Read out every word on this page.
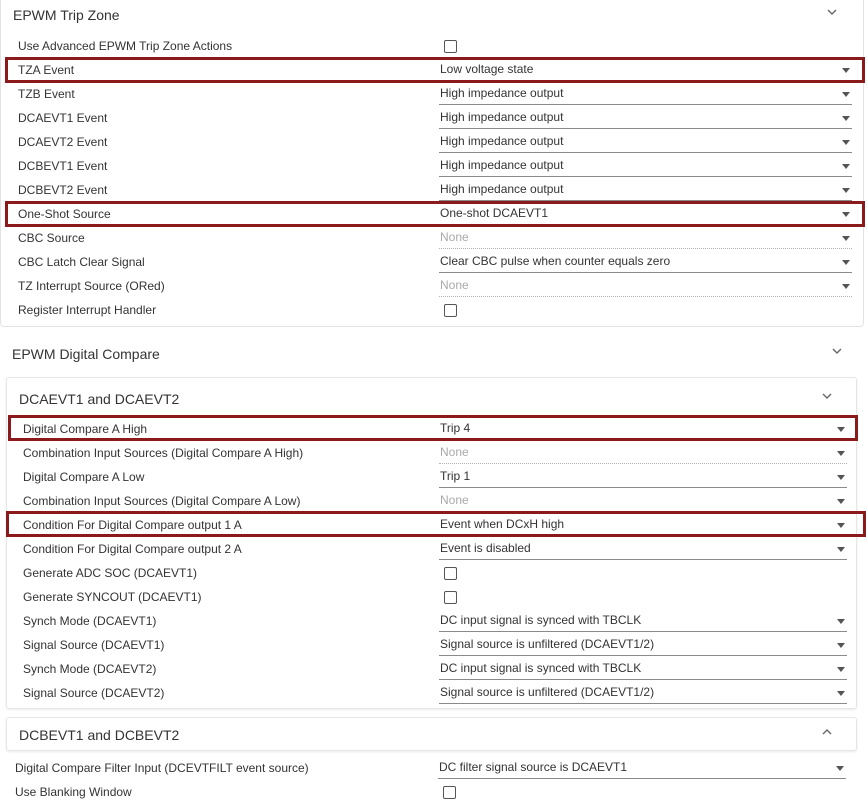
EPWM Trip Zone
Use Advanced EPWM Trip Zone Actions
TZA Event	Low voltage state
TZB Event	High impedance output
DCAEVT1 Event	High impedance output
DCAEVT2 Event	High impedance output
DCBEVT1 Event	High impedance output
DCBEVT2 Event	High impedance output
One-Shot Source	One-shot DCAEVT1
CBC Source	None
CBC Latch Clear Signal	Clear CBC pulse when counter equals zero
TZ Interrupt Source (ORed)	None
Register Interrupt Handler
EPWM Digital Compare
DCAEVT1 and DCAEVT2
Digital Compare A High	Trip 4
Combination Input Sources (Digital Compare A High)	None
Digital Compare A Low	Trip 1
Combination Input Sources (Digital Compare A Low)	None
Condition For Digital Compare output 1 A	Event when DCxH high
Condition For Digital Compare output 2 A	Event is disabled
Generate ADC SOC (DCAEVT1)
Generate SYNCOUT (DCAEVT1)
Synch Mode (DCAEVT1)	DC input signal is synced with TBCLK
Signal Source (DCAEVT1)	Signal source is unfiltered (DCAEVT1/2)
Synch Mode (DCAEVT2)	DC input signal is synced with TBCLK
Signal Source (DCAEVT2)	Signal source is unfiltered (DCAEVT1/2)
DCBEVT1 and DCBEVT2
Digital Compare Filter Input (DCEVTFILT event source)	DC filter signal source is DCAEVT1
Use Blanking Window
